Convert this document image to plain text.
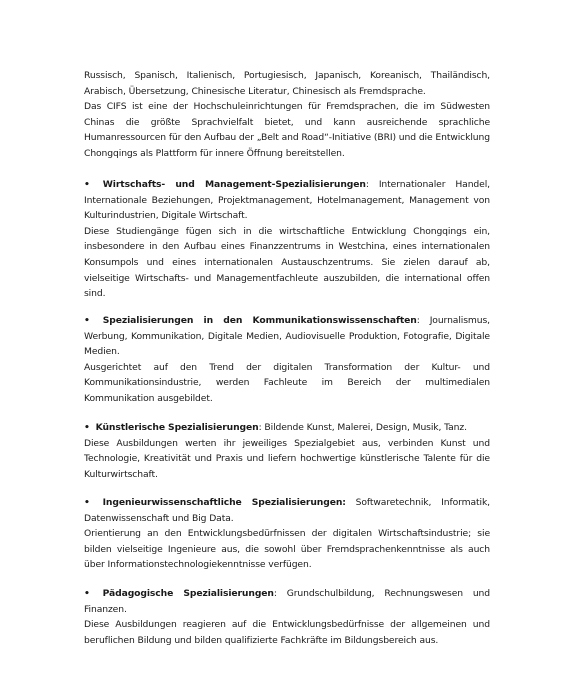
Russisch, Spanisch, Italienisch, Portugiesisch, Japanisch, Koreanisch, Thailändisch, Arabisch, Übersetzung, Chinesische Literatur, Chinesisch als Fremdsprache.

Das CIFS ist eine der Hochschuleinrichtungen für Fremdsprachen, die im Südwesten Chinas die größte Sprachvielfalt bietet, und kann ausreichende sprachliche Humanressourcen für den Aufbau der „Belt and Road“-Initiative (BRI) und die Entwicklung Chongqings als Plattform für innere Öffnung bereitstellen.

• Wirtschafts- und Management-Spezialisierungen: Internationaler Handel, Internationale Beziehungen, Projektmanagement, Hotelmanagement, Management von Kulturindustrien, Digitale Wirtschaft.

Diese Studiengänge fügen sich in die wirtschaftliche Entwicklung Chongqings ein, insbesondere in den Aufbau eines Finanzzentrums in Westchina, eines internationalen Konsumpols und eines internationalen Austauschzentrums. Sie zielen darauf ab, vielseitige Wirtschafts- und Managementfachleute auszubilden, die international offen sind.

• Spezialisierungen in den Kommunikationswissenschaften: Journalismus, Werbung, Kommunikation, Digitale Medien, Audiovisuelle Produktion, Fotografie, Digitale Medien.

Ausgerichtet auf den Trend der digitalen Transformation der Kultur- und Kommunikationsindustrie, werden Fachleute im Bereich der multimedialen Kommunikation ausgebildet.

• Künstlerische Spezialisierungen: Bildende Kunst, Malerei, Design, Musik, Tanz.

Diese Ausbildungen werten ihr jeweiliges Spezialgebiet aus, verbinden Kunst und Technologie, Kreativität und Praxis und liefern hochwertige künstlerische Talente für die Kulturwirtschaft.

• Ingenieurwissenschaftliche Spezialisierungen: Softwaretechnik, Informatik, Datenwissenschaft und Big Data.

Orientierung an den Entwicklungsbedürfnissen der digitalen Wirtschaftsindustrie; sie bilden vielseitige Ingenieure aus, die sowohl über Fremdsprachenkenntnisse als auch über Informationstechnologiekenntnisse verfügen.

• Pädagogische Spezialisierungen: Grundschulbildung, Rechnungswesen und Finanzen.

Diese Ausbildungen reagieren auf die Entwicklungsbedürfnisse der allgemeinen und beruflichen Bildung und bilden qualifizierte Fachkräfte im Bildungsbereich aus.
